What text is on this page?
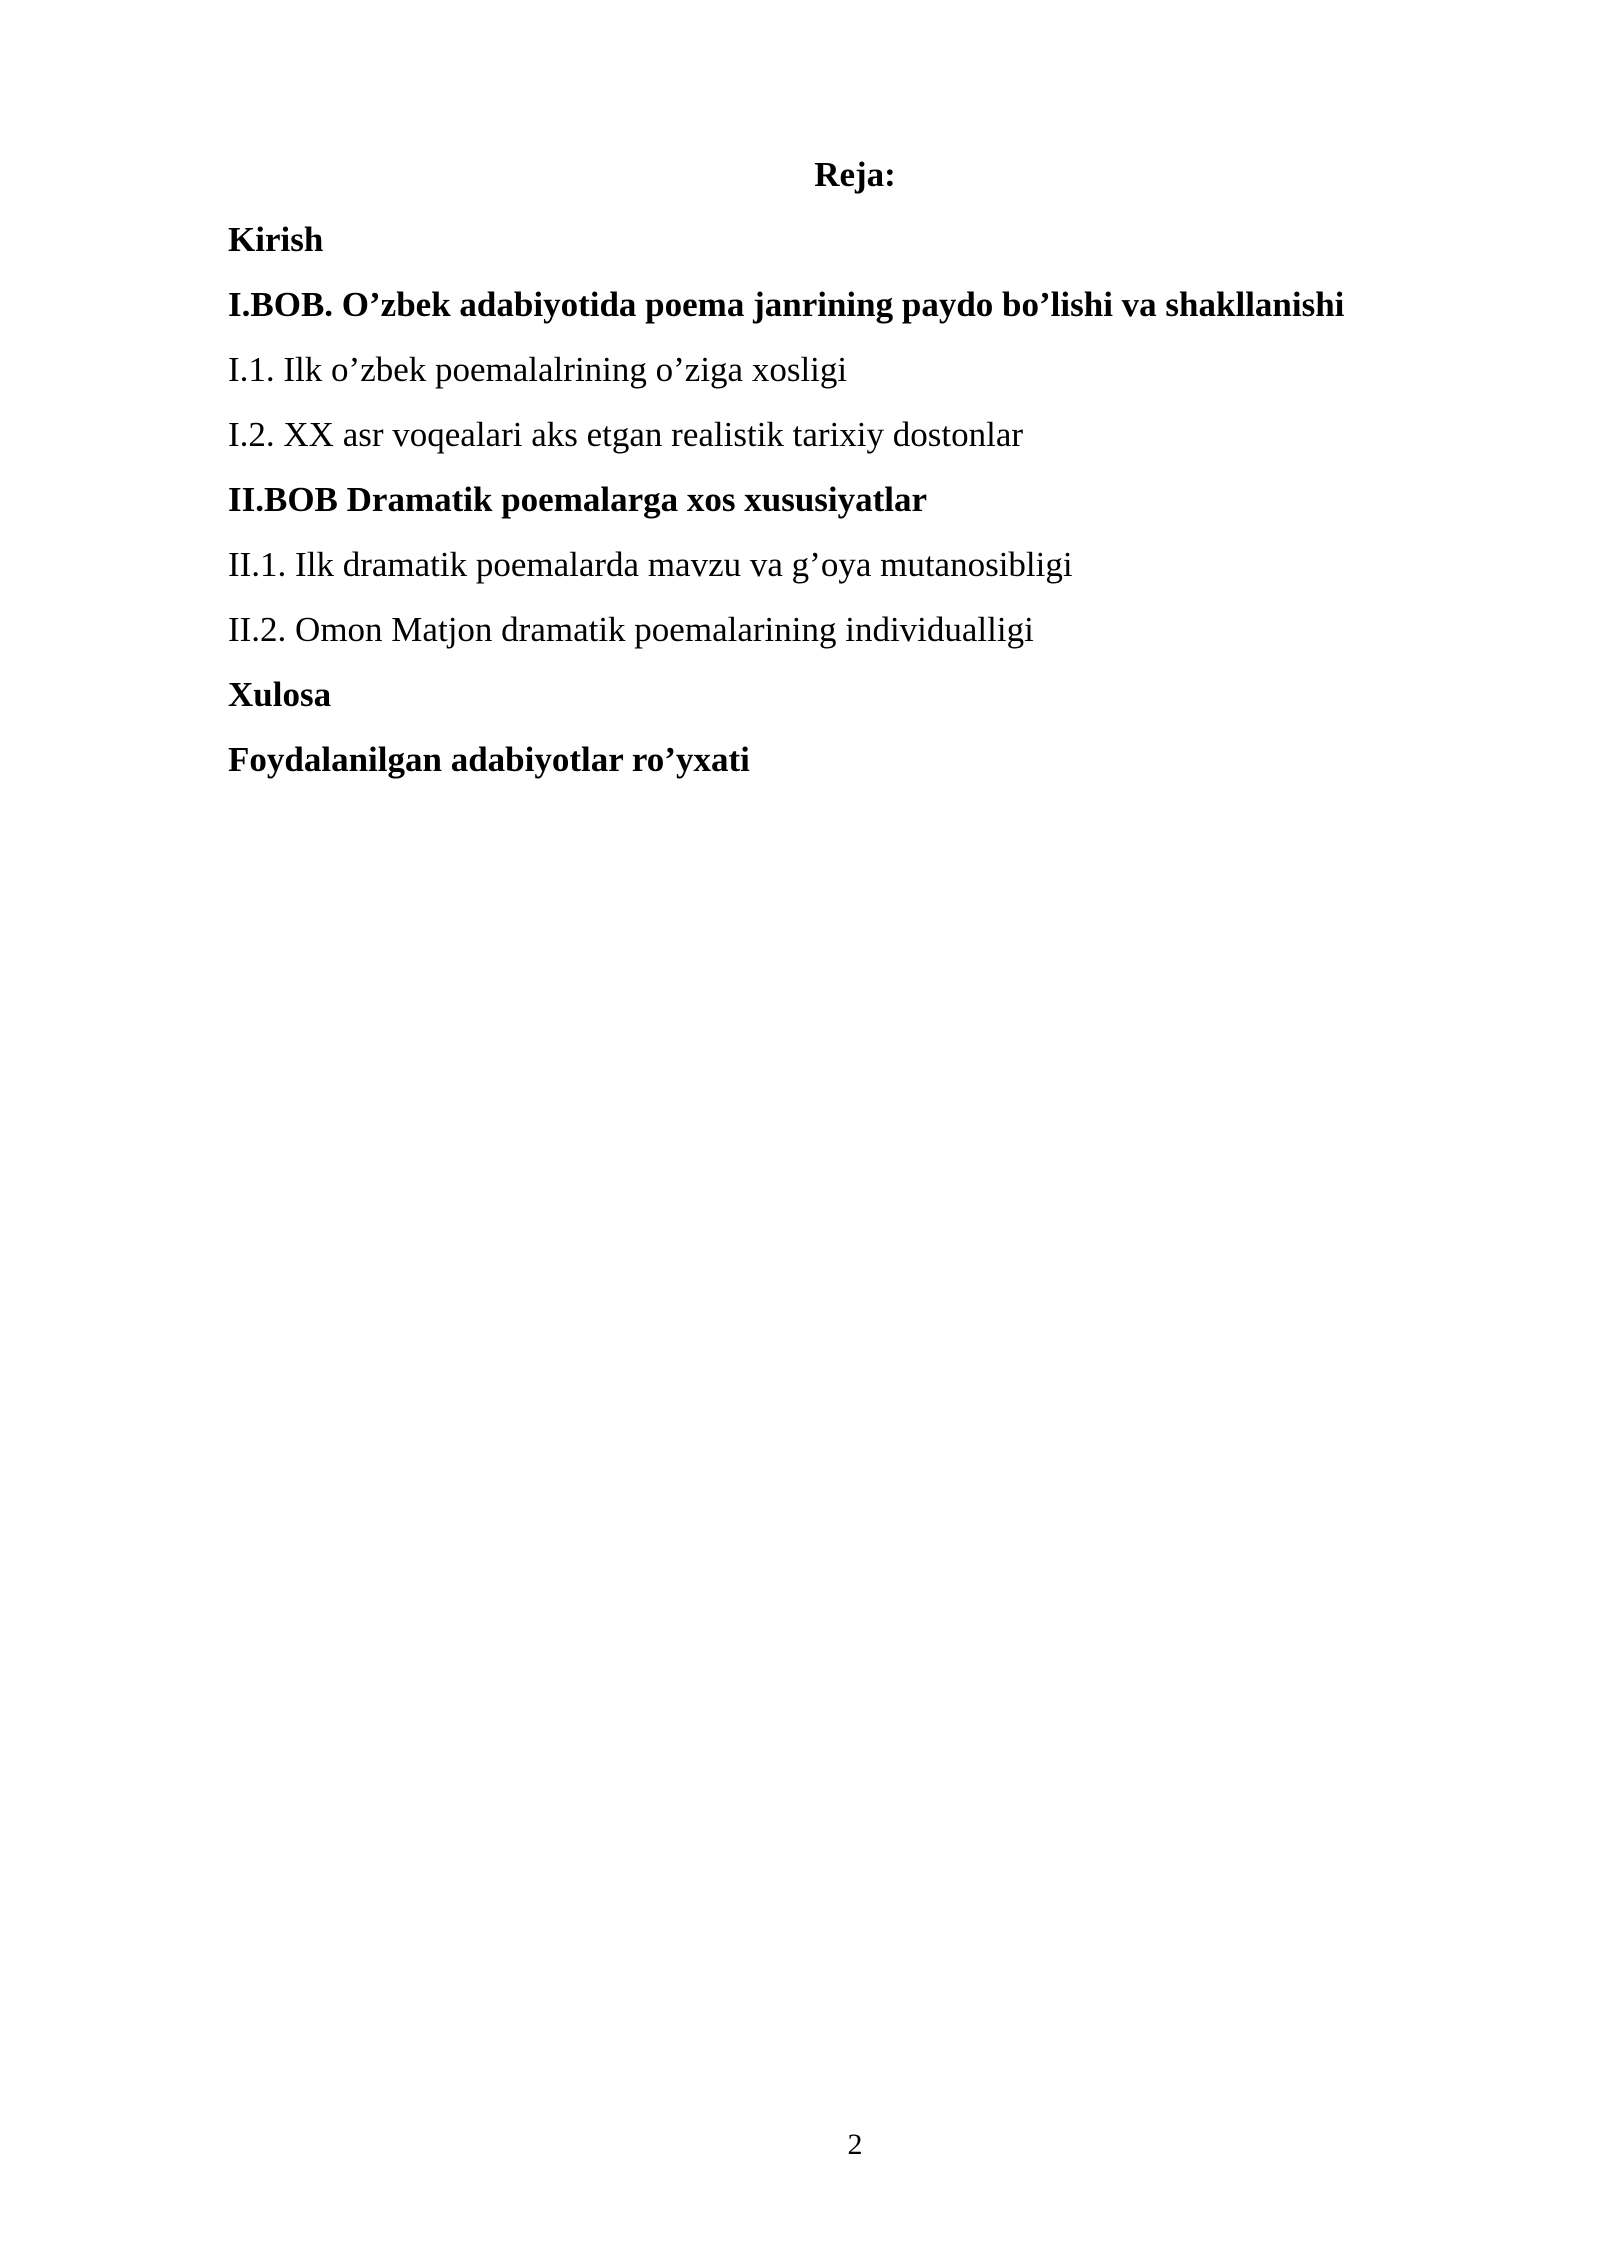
Reja:
Kirish
I.BOB. O’zbek adabiyotida poema janrining paydo bo’lishi va shakllanishi
I.1. Ilk o’zbek poemalalrining o’ziga xosligi
I.2. XX asr voqealari aks etgan realistik tarixiy dostonlar
II.BOB Dramatik poemalarga xos xususiyatlar
II.1. Ilk dramatik poemalarda mavzu va g’oya mutanosibligi
II.2. Omon Matjon dramatik poemalarining individualligi
Xulosa
Foydalanilgan adabiyotlar ro’yxati
2
